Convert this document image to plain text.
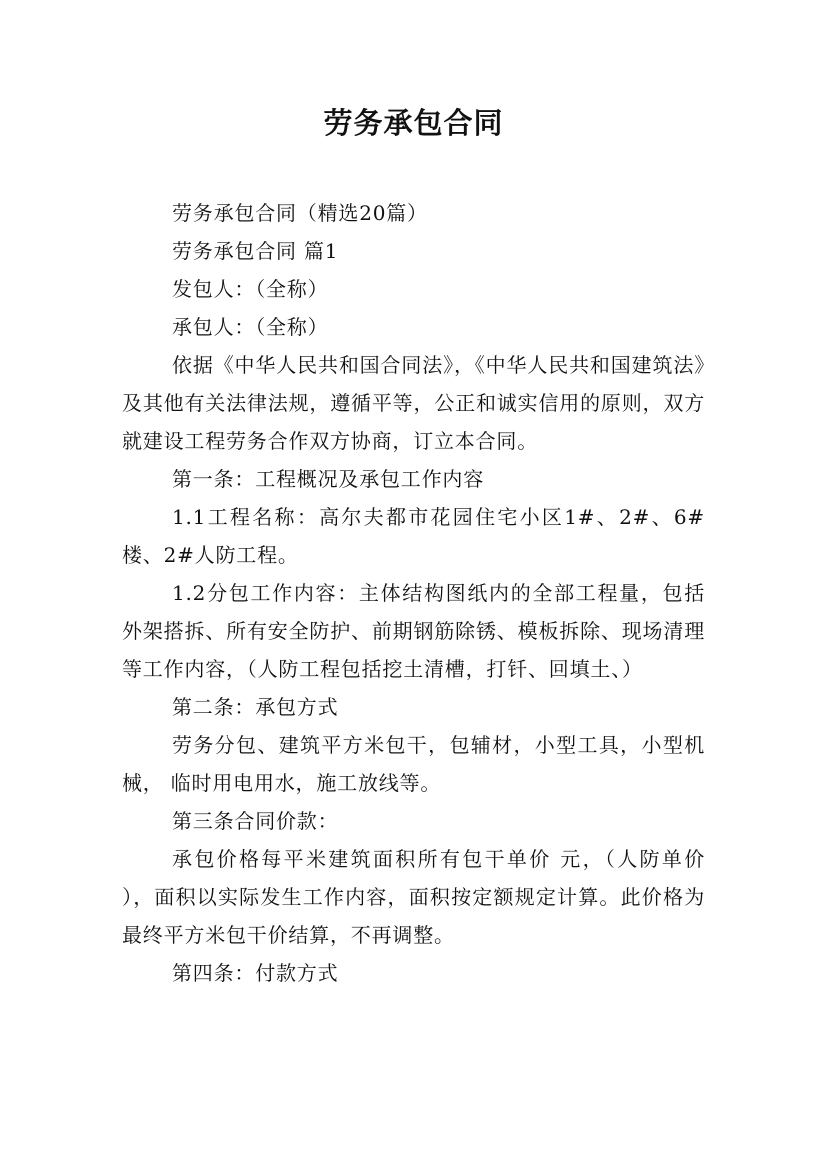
劳务承包合同

劳务承包合同（精选20篇）

劳务承包合同 篇1

发包人：（全称）

承包人：（全称）

依据《中华人民共和国合同法》，《中华人民共和国建筑法》及其他有关法律法规，遵循平等，公正和诚实信用的原则，双方就建设工程劳务合作双方协商，订立本合同。

第一条：工程概况及承包工作内容

1.1工程名称：高尔夫都市花园住宅小区1#、2#、6#楼、2#人防工程。

1.2分包工作内容：主体结构图纸内的全部工程量，包括外架搭拆、所有安全防护、前期钢筋除锈、模板拆除、现场清理等工作内容，（人防工程包括挖土清槽，打钎、回填土、）

第二条：承包方式

劳务分包、建筑平方米包干，包辅材，小型工具，小型机械， 临时用电用水，施工放线等。

第三条合同价款：

承包价格每平米建筑面积所有包干单价 元，（人防单价 ），面积以实际发生工作内容，面积按定额规定计算。此价格为最终平方米包干价结算，不再调整。

第四条：付款方式
